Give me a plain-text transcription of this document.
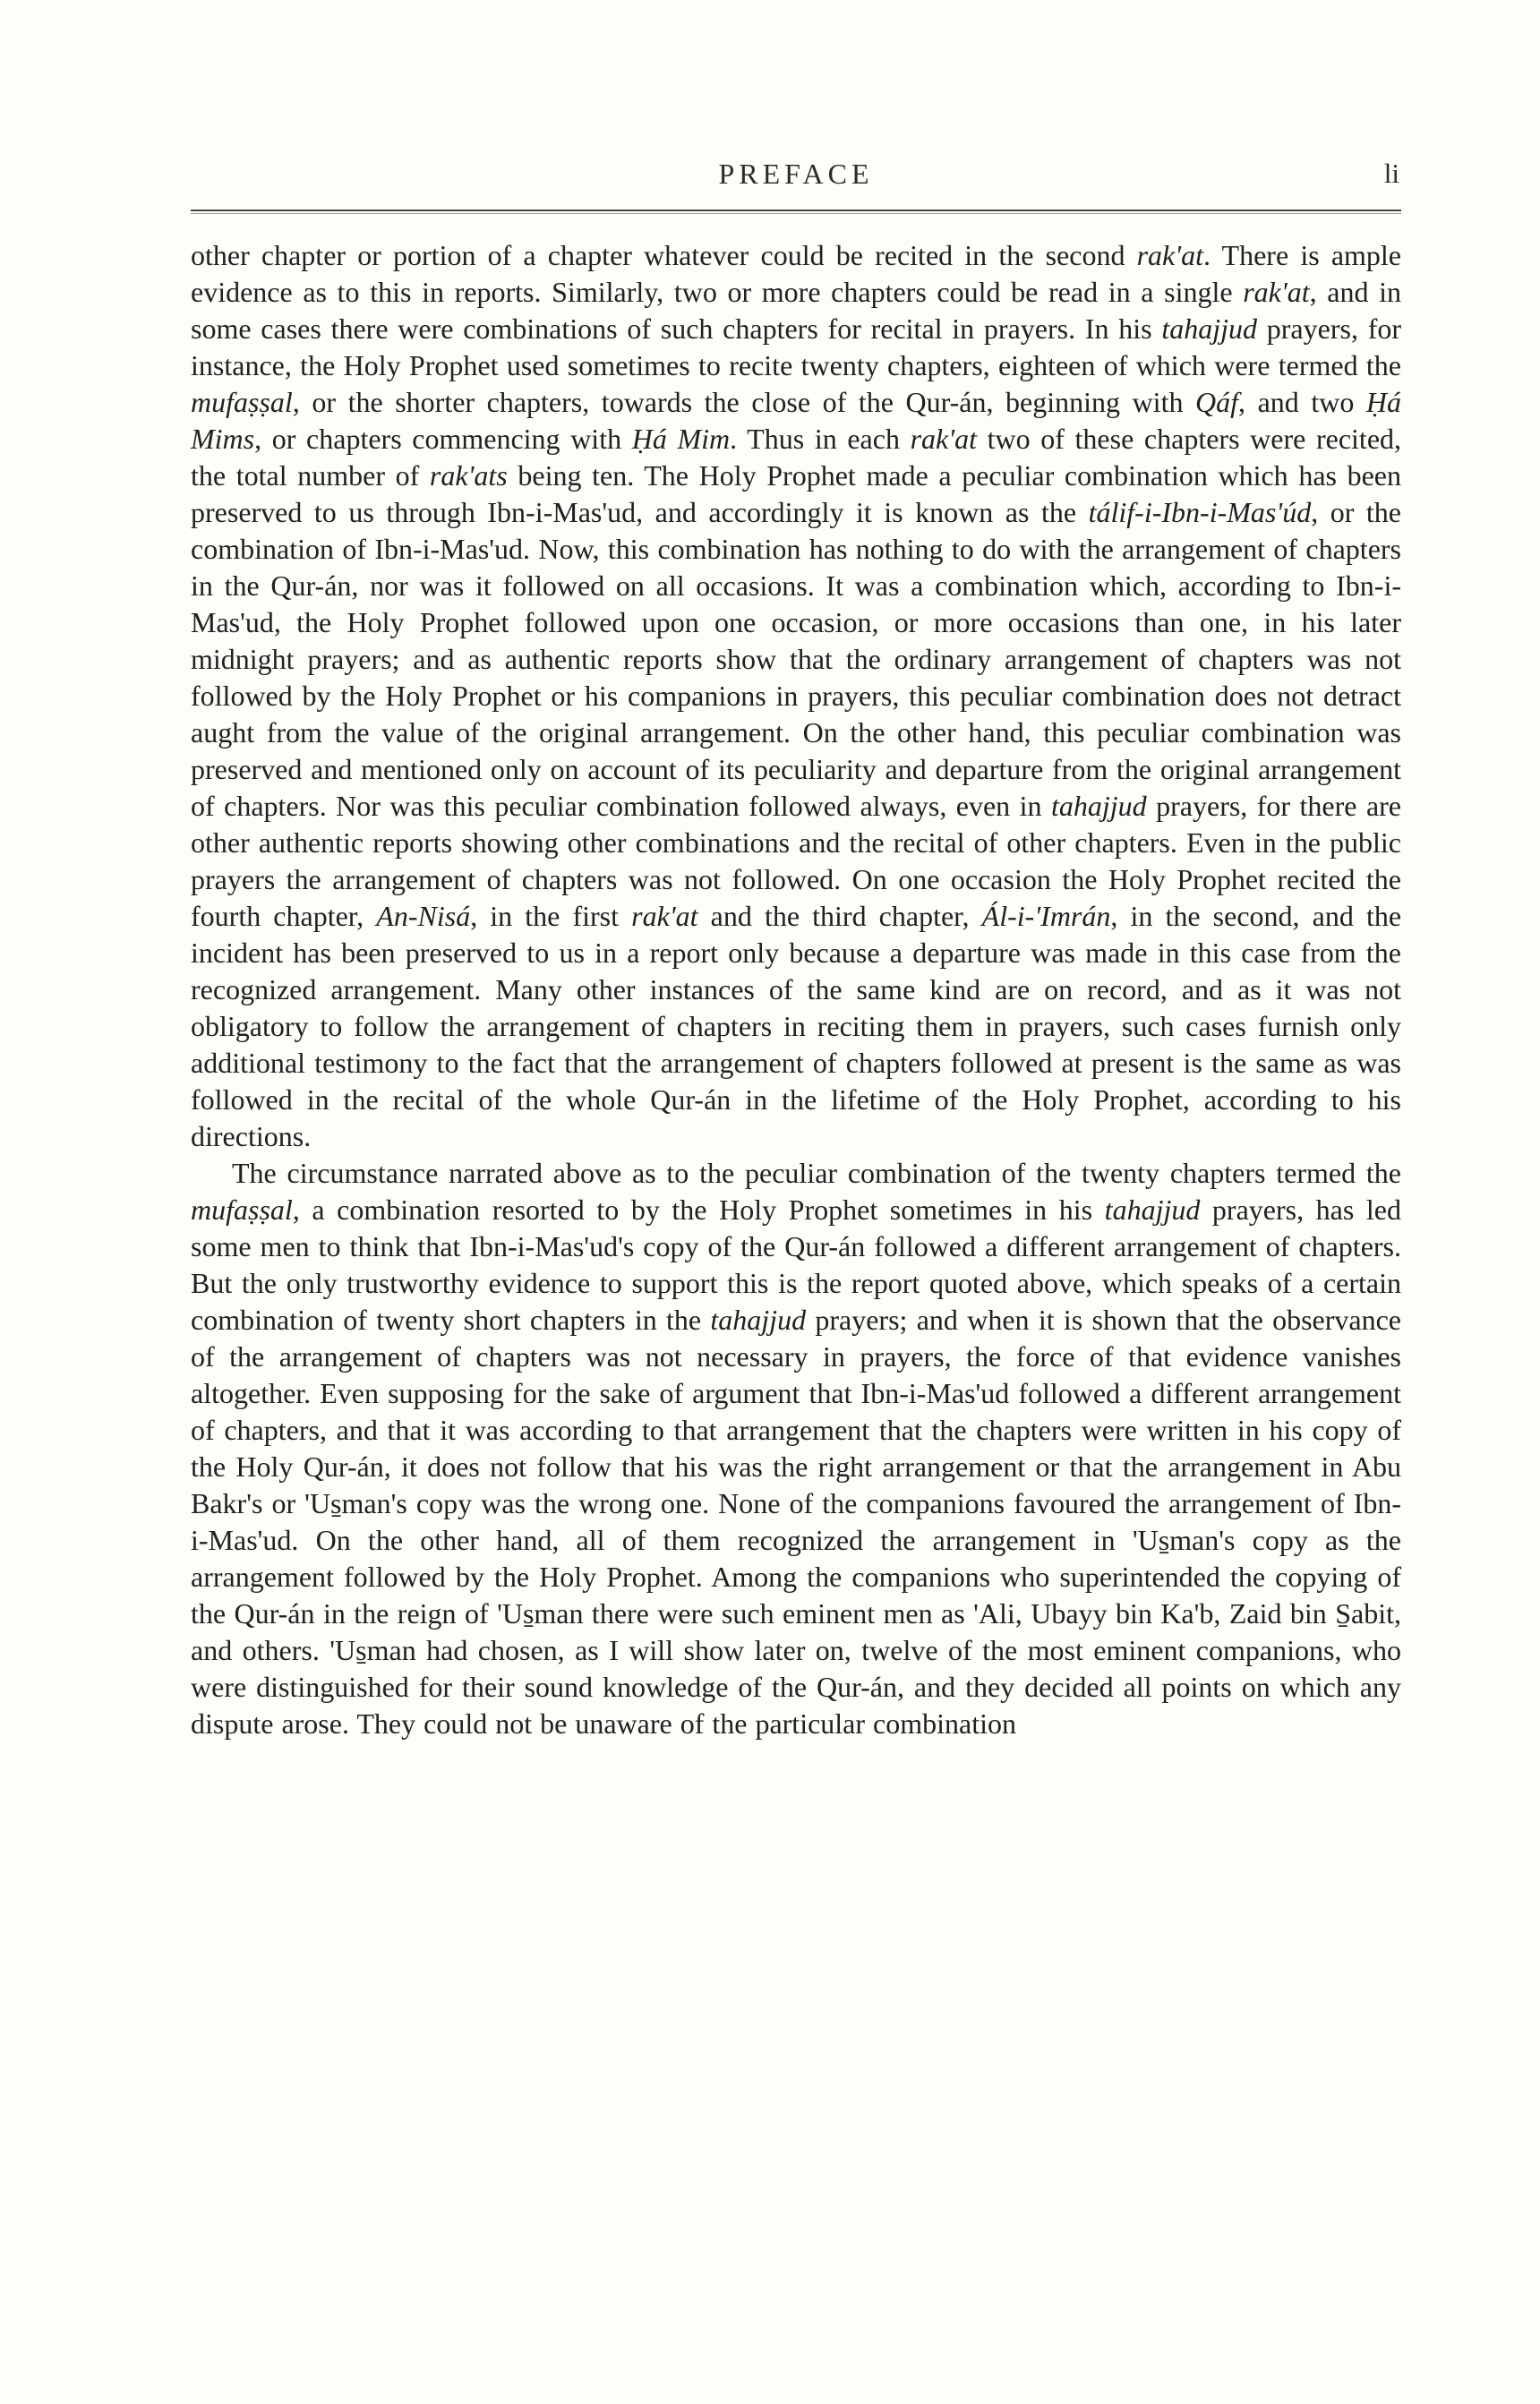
PREFACE	li

other chapter or portion of a chapter whatever could be recited in the second rak'at. There is ample evidence as to this in reports. Similarly, two or more chapters could be read in a single rak'at, and in some cases there were combinations of such chapters for recital in prayers. In his tahajjud prayers, for instance, the Holy Prophet used sometimes to recite twenty chapters, eighteen of which were termed the mufaṣṣal, or the shorter chapters, towards the close of the Qur-án, beginning with Qáf, and two Ḥá Mims, or chapters commencing with Ḥá Mim. Thus in each rak'at two of these chapters were recited, the total number of rak'ats being ten. The Holy Prophet made a peculiar combination which has been preserved to us through Ibn-i-Mas'ud, and accordingly it is known as the tálif-i-Ibn-i-Mas'úd, or the combination of Ibn-i-Mas'ud. Now, this combination has nothing to do with the arrangement of chapters in the Qur-án, nor was it followed on all occasions. It was a combination which, according to Ibn-i-Mas'ud, the Holy Prophet followed upon one occasion, or more occasions than one, in his later midnight prayers; and as authentic reports show that the ordinary arrangement of chapters was not followed by the Holy Prophet or his companions in prayers, this peculiar combination does not detract aught from the value of the original arrangement. On the other hand, this peculiar combination was preserved and mentioned only on account of its peculiarity and departure from the original arrangement of chapters. Nor was this peculiar combination followed always, even in tahajjud prayers, for there are other authentic reports showing other combinations and the recital of other chapters. Even in the public prayers the arrangement of chapters was not followed. On one occasion the Holy Prophet recited the fourth chapter, An-Nisá, in the first rak'at and the third chapter, Ál-i-'Imrán, in the second, and the incident has been preserved to us in a report only because a departure was made in this case from the recognized arrangement. Many other instances of the same kind are on record, and as it was not obligatory to follow the arrangement of chapters in reciting them in prayers, such cases furnish only additional testimony to the fact that the arrangement of chapters followed at present is the same as was followed in the recital of the whole Qur-án in the lifetime of the Holy Prophet, according to his directions.

The circumstance narrated above as to the peculiar combination of the twenty chapters termed the mufaṣṣal, a combination resorted to by the Holy Prophet sometimes in his tahajjud prayers, has led some men to think that Ibn-i-Mas'ud's copy of the Qur-án followed a different arrangement of chapters. But the only trustworthy evidence to support this is the report quoted above, which speaks of a certain combination of twenty short chapters in the tahajjud prayers; and when it is shown that the observance of the arrangement of chapters was not necessary in prayers, the force of that evidence vanishes altogether. Even supposing for the sake of argument that Ibn-i-Mas'ud followed a different arrangement of chapters, and that it was according to that arrangement that the chapters were written in his copy of the Holy Qur-án, it does not follow that his was the right arrangement or that the arrangement in Abu Bakr's or 'Us̱man's copy was the wrong one. None of the companions favoured the arrangement of Ibn-i-Mas'ud. On the other hand, all of them recognized the arrangement in 'Us̱man's copy as the arrangement followed by the Holy Prophet. Among the companions who superintended the copying of the Qur-án in the reign of 'Us̱man there were such eminent men as 'Ali, Ubayy bin Ka'b, Zaid bin S̱abit, and others. 'Us̱man had chosen, as I will show later on, twelve of the most eminent companions, who were distinguished for their sound knowledge of the Qur-án, and they decided all points on which any dispute arose. They could not be unaware of the particular combination
